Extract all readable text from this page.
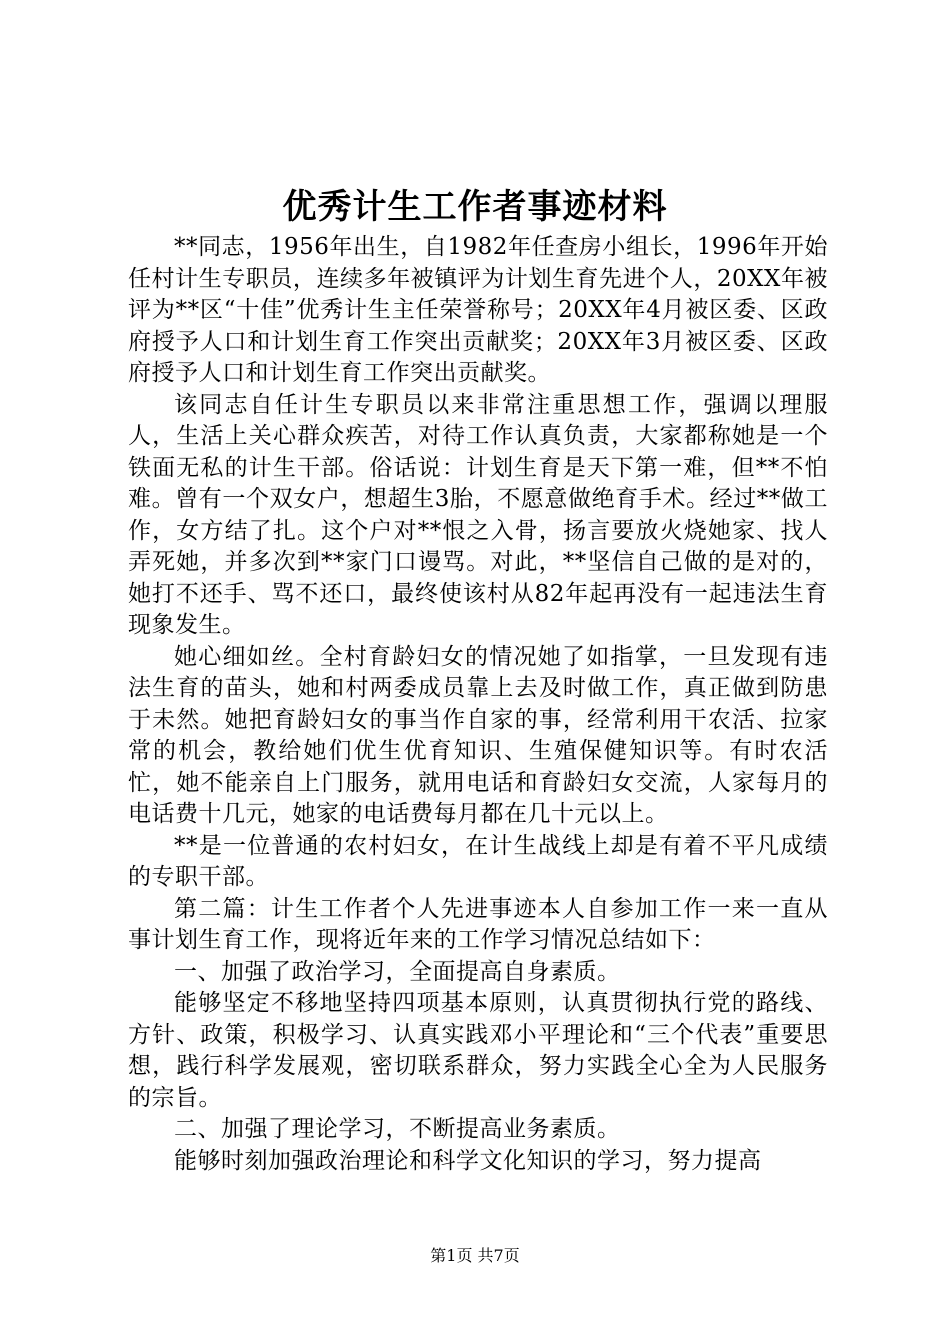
优秀计生工作者事迹材料

**同志，1956年出生，自1982年任查房小组长，1996年开始任村计生专职员，连续多年被镇评为计划生育先进个人，20XX年被评为**区“十佳”优秀计生主任荣誉称号；20XX年4月被区委、区政府授予人口和计划生育工作突出贡献奖；20XX年3月被区委、区政府授予人口和计划生育工作突出贡献奖。

该同志自任计生专职员以来非常注重思想工作，强调以理服人，生活上关心群众疾苦，对待工作认真负责，大家都称她是一个铁面无私的计生干部。俗话说：计划生育是天下第一难，但**不怕难。曾有一个双女户，想超生3胎，不愿意做绝育手术。经过**做工作，女方结了扎。这个户对**恨之入骨，扬言要放火烧她家、找人弄死她，并多次到**家门口谩骂。对此，**坚信自己做的是对的，她打不还手、骂不还口，最终使该村从82年起再没有一起违法生育现象发生。

她心细如丝。全村育龄妇女的情况她了如指掌，一旦发现有违法生育的苗头，她和村两委成员靠上去及时做工作，真正做到防患于未然。她把育龄妇女的事当作自家的事，经常利用干农活、拉家常的机会，教给她们优生优育知识、生殖保健知识等。有时农活忙，她不能亲自上门服务，就用电话和育龄妇女交流，人家每月的电话费十几元，她家的电话费每月都在几十元以上。

**是一位普通的农村妇女，在计生战线上却是有着不平凡成绩的专职干部。

第二篇：计生工作者个人先进事迹本人自参加工作一来一直从事计划生育工作，现将近年来的工作学习情况总结如下：

一、加强了政治学习，全面提高自身素质。

能够坚定不移地坚持四项基本原则，认真贯彻执行党的路线、方针、政策，积极学习、认真实践邓小平理论和“三个代表”重要思想，践行科学发展观，密切联系群众，努力实践全心全为人民服务的宗旨。

二、加强了理论学习，不断提高业务素质。

能够时刻加强政治理论和科学文化知识的学习，努力提高

第1页 共7页
